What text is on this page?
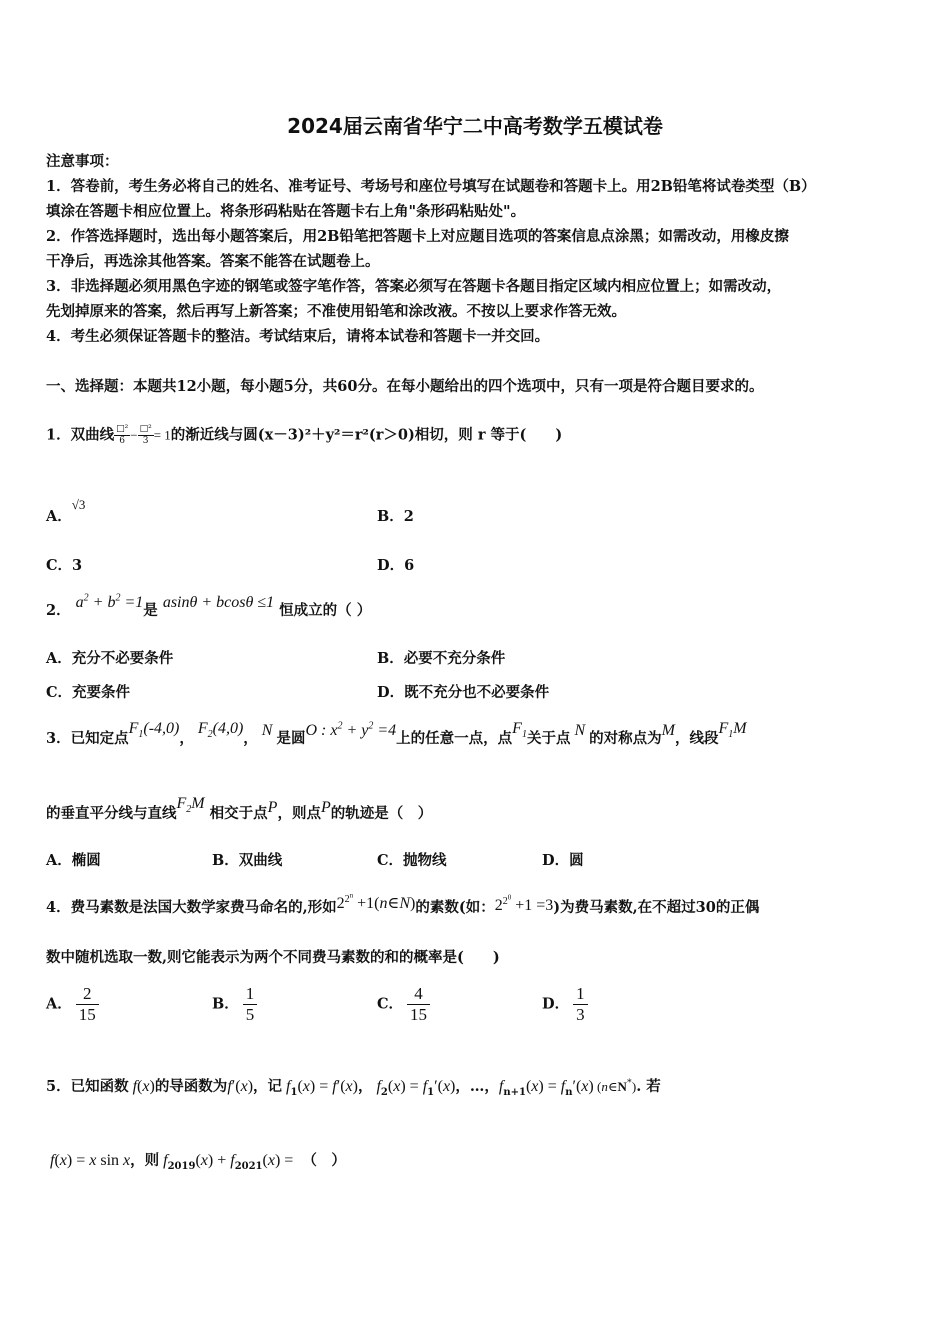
2024届云南省华宁二中高考数学五模试卷
注意事项：
1．答卷前，考生务必将自己的姓名、准考证号、考场号和座位号填写在试题卷和答题卡上。用2B铅笔将试卷类型（B）
填涂在答题卡相应位置上。将条形码粘贴在答题卡右上角"条形码粘贴处"。
2．作答选择题时，选出每小题答案后，用2B铅笔把答题卡上对应题目选项的答案信息点涂黑；如需改动，用橡皮擦
干净后，再选涂其他答案。答案不能答在试题卷上。
3．非选择题必须用黑色字迹的钢笔或签字笔作答，答案必须写在答题卡各题目指定区域内相应位置上；如需改动，
先划掉原来的答案，然后再写上新答案；不准使用铅笔和涂改液。不按以上要求作答无效。
4．考生必须保证答题卡的整洁。考试结束后，请将本试卷和答题卡一并交回。
一、选择题：本题共12小题，每小题5分，共60分。在每小题给出的四个选项中，只有一项是符合题目要求的。
1．双曲线 □²
6 − □²
3 = 1的渐近线与圆(x－3)²＋y²＝r²(r＞0)相切，则 r 等于(　　)
A．√3
B．2
C．3	D．6
2． $a^2 + b^2 =1$是 asinθ + bcosθ ≤1 恒成立的（ ）
A．充分不必要条件	B．必要不充分条件
C．充要条件	D．既不充分也不必要条件
3．已知定点$F_1(-4,0)$， $F_2(4,0)$， N 是圆O : $x^2 + y^2 =4$上的任意一点，点$F_1$关于点 N 的对称点为M，线段$F_1M$
的垂直平分线与直线$F_2M$ 相交于点P，则点P的轨迹是（　）
A．椭圆	B．双曲线	C．抛物线	D．圆
4．费马素数是法国大数学家费马命名的,形如$2^{2^n}$ +1(n∈N)的素数(如：$2^{2^0} +1 =3$)为费马素数,在不超过30的正偶
数中随机选取一数,则它能表示为两个不同费马素数的和的概率是(　　)
A． $\frac{2}{15}$	B． $\frac{1}{5}$	C． $\frac{4}{15}$	D． $\frac{1}{3}$
5．已知函数 f(x)的导函数为f′(x)，记 $f_1(x) = f'(x)$， $f_2(x) = f_1'(x)$，…，$f_{n+1}(x) = f_n'(x)$ (n∈N*). 若
f(x) = x sin x，则 $f_{2019}(x) + f_{2021}(x)$ =  （　）
